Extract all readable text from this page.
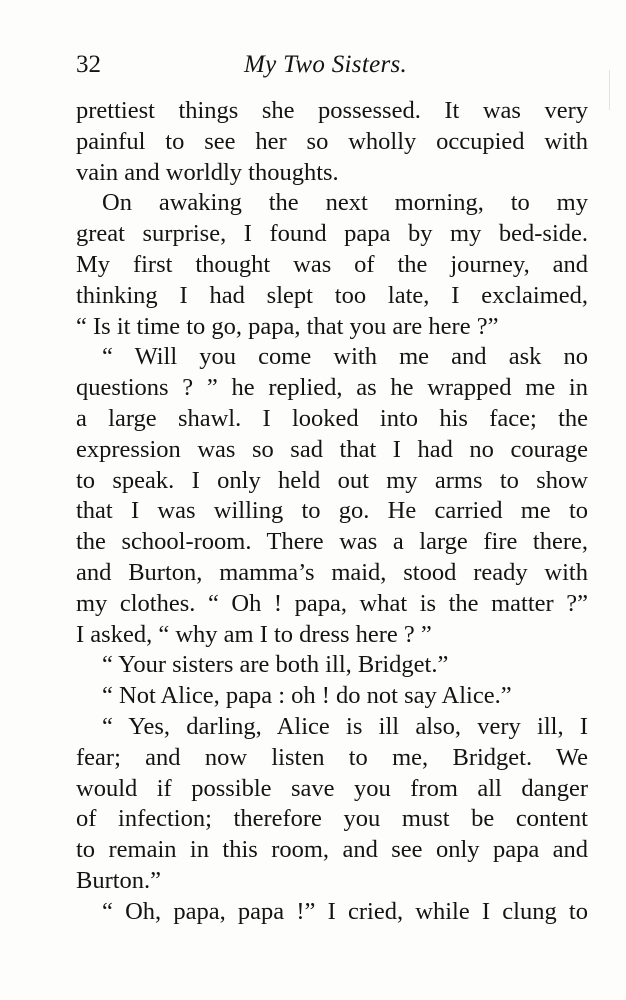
32	My Two Sisters.
prettiest things she possessed. It was very
painful to see her so wholly occupied with
vain and worldly thoughts.
On awaking the next morning, to my
great surprise, I found papa by my bed-side.
My first thought was of the journey, and
thinking I had slept too late, I exclaimed,
“ Is it time to go, papa, that you are here ?”
“ Will you come with me and ask no
questions ? ” he replied, as he wrapped me in
a large shawl. I looked into his face; the
expression was so sad that I had no courage
to speak. I only held out my arms to show
that I was willing to go. He carried me to
the school-room. There was a large fire there,
and Burton, mamma’s maid, stood ready with
my clothes. “ Oh ! papa, what is the matter ?”
I asked, “ why am I to dress here ? ”
“ Your sisters are both ill, Bridget.”
“ Not Alice, papa : oh ! do not say Alice.”
“ Yes, darling, Alice is ill also, very ill, I
fear; and now listen to me, Bridget. We
would if possible save you from all danger
of infection; therefore you must be content
to remain in this room, and see only papa and
Burton.”
“ Oh, papa, papa !” I cried, while I clung to
